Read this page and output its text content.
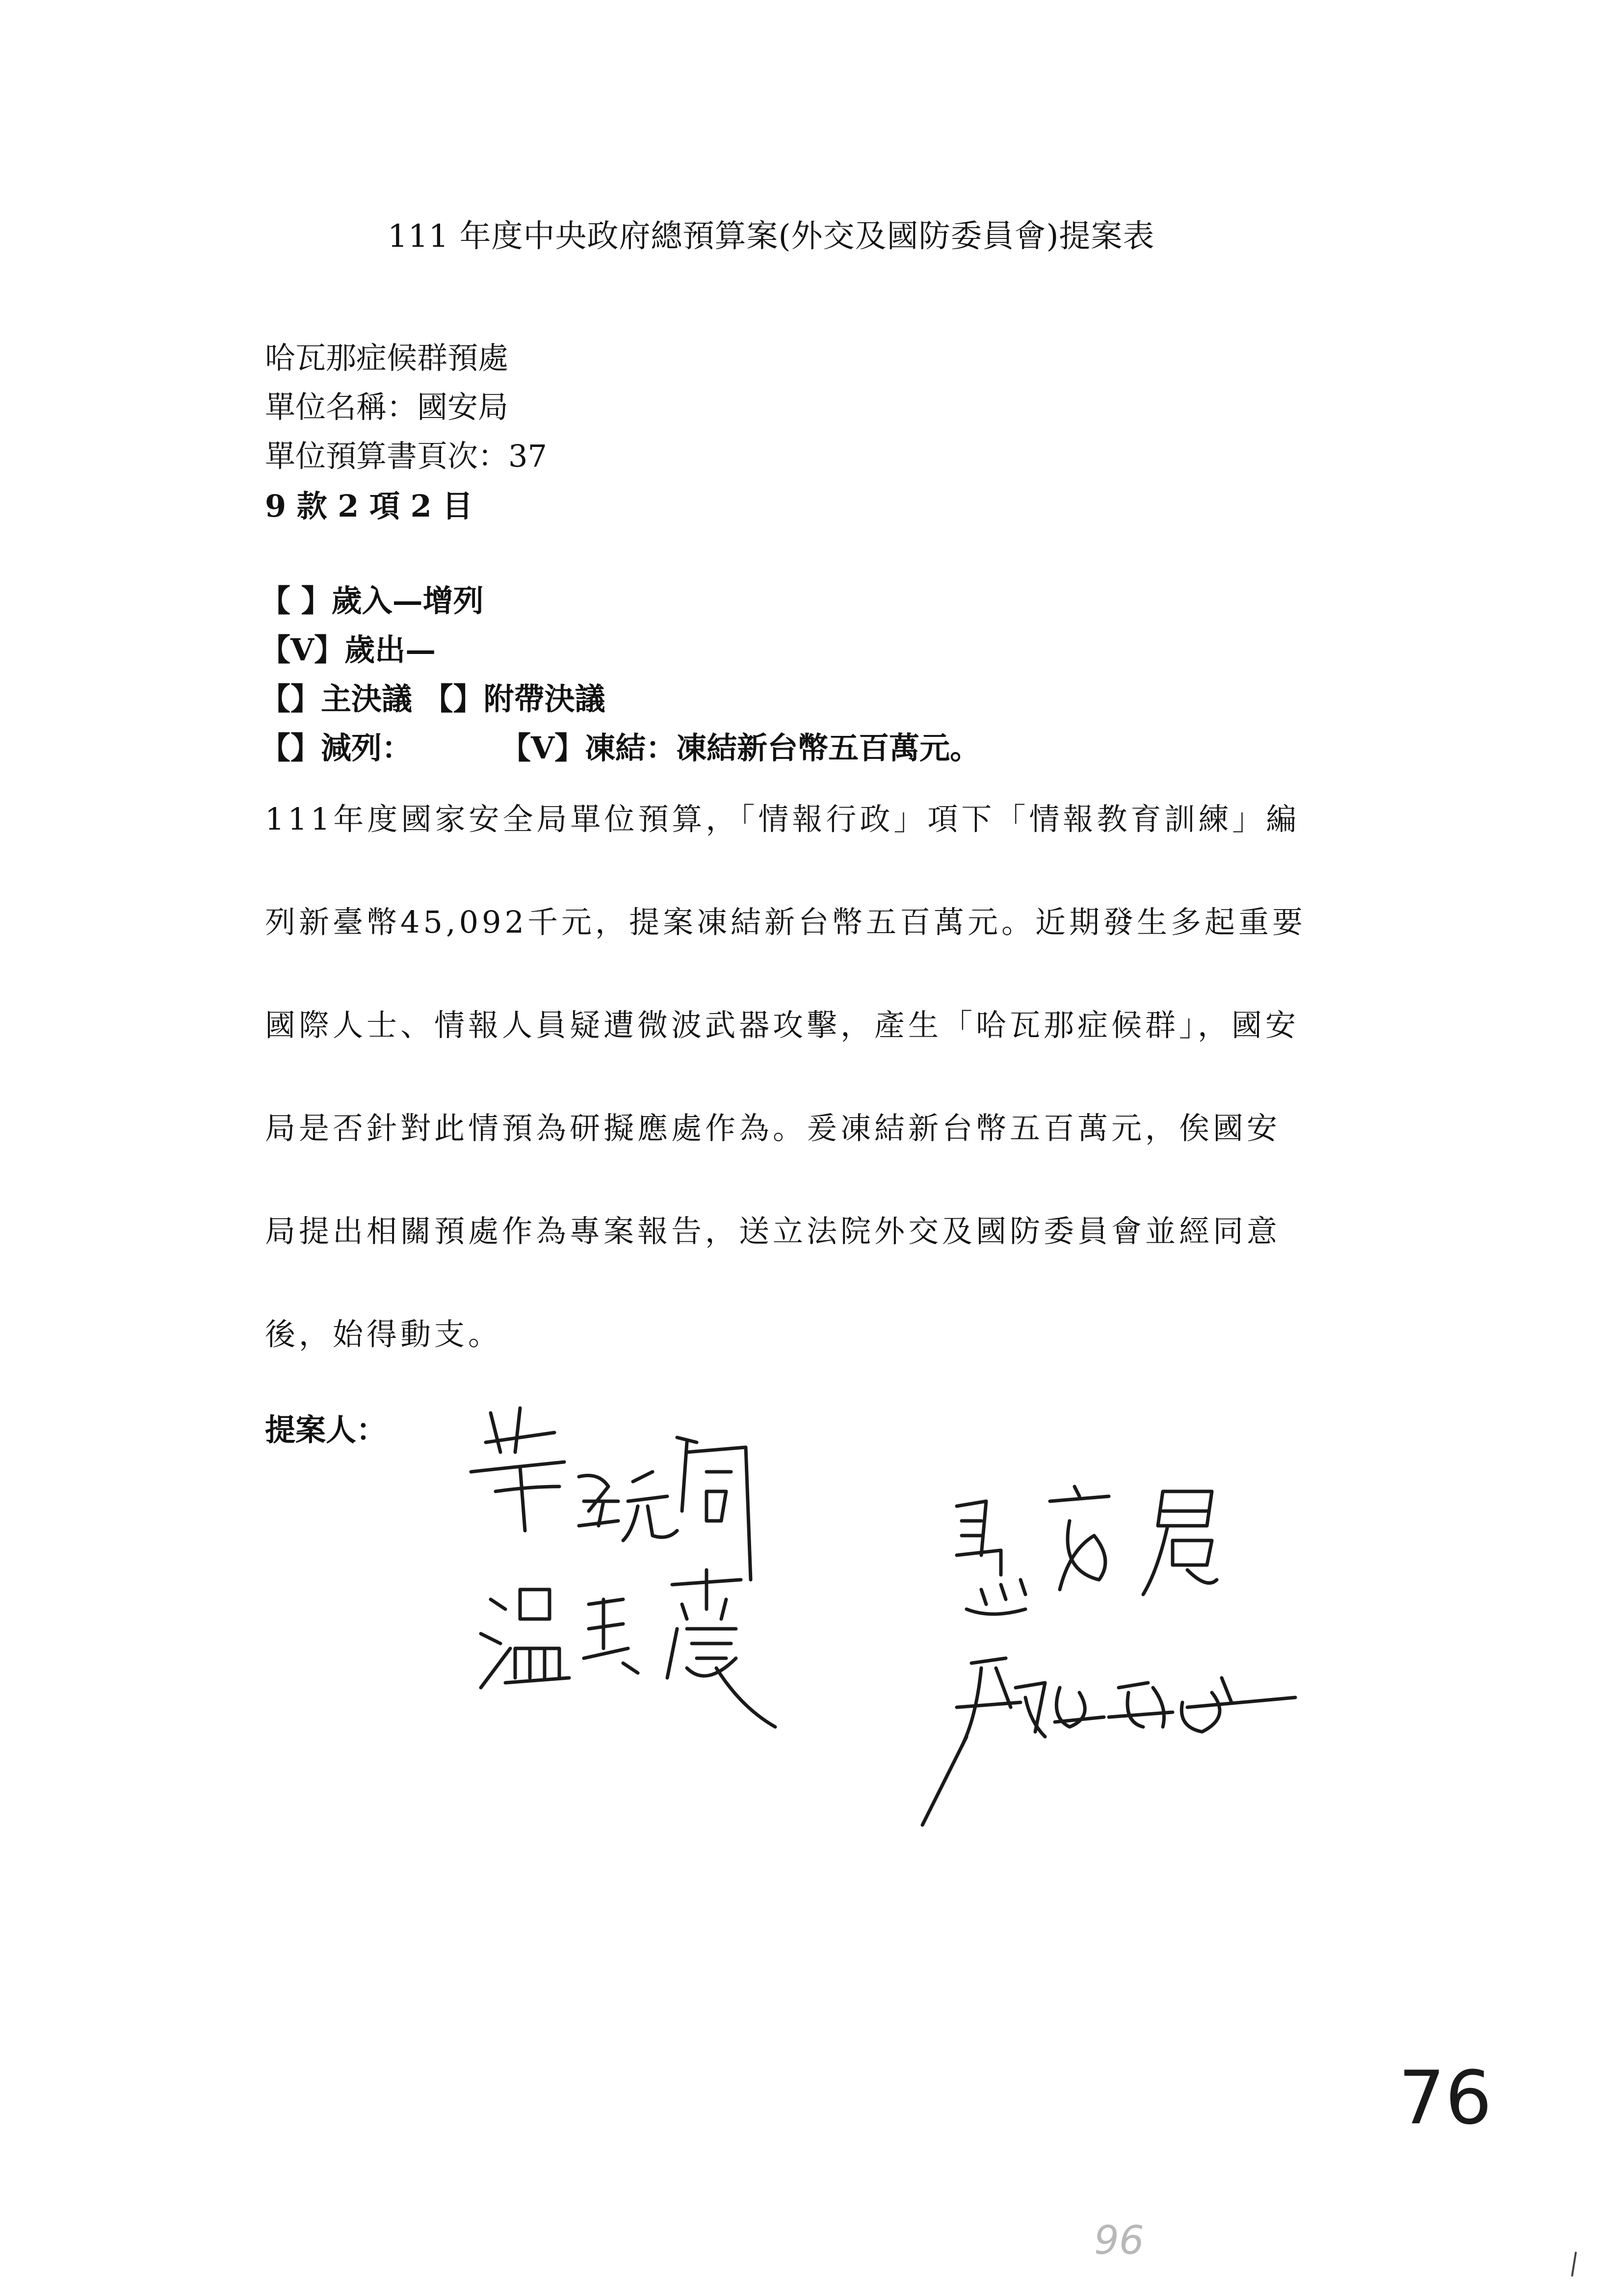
111 年度中央政府總預算案(外交及國防委員會)提案表
哈瓦那症候群預處
單位名稱：國安局
單位預算書頁次：37
9 款 2 項 2 目
【 】歲入—增列
【V】歲出—
【】主決議 【】附帶決議
【】減列：	【V】凍結：凍結新台幣五百萬元。
111年度國家安全局單位預算，「情報行政」項下「情報教育訓練」編
列新臺幣45,092千元，提案凍結新台幣五百萬元。近期發生多起重要
國際人士、情報人員疑遭微波武器攻擊，產生「哈瓦那症候群」，國安
局是否針對此情預為研擬應處作為。爰凍結新台幣五百萬元，俟國安
局提出相關預處作為專案報告，送立法院外交及國防委員會並經同意
後，始得動支。
提案人：
76
96
